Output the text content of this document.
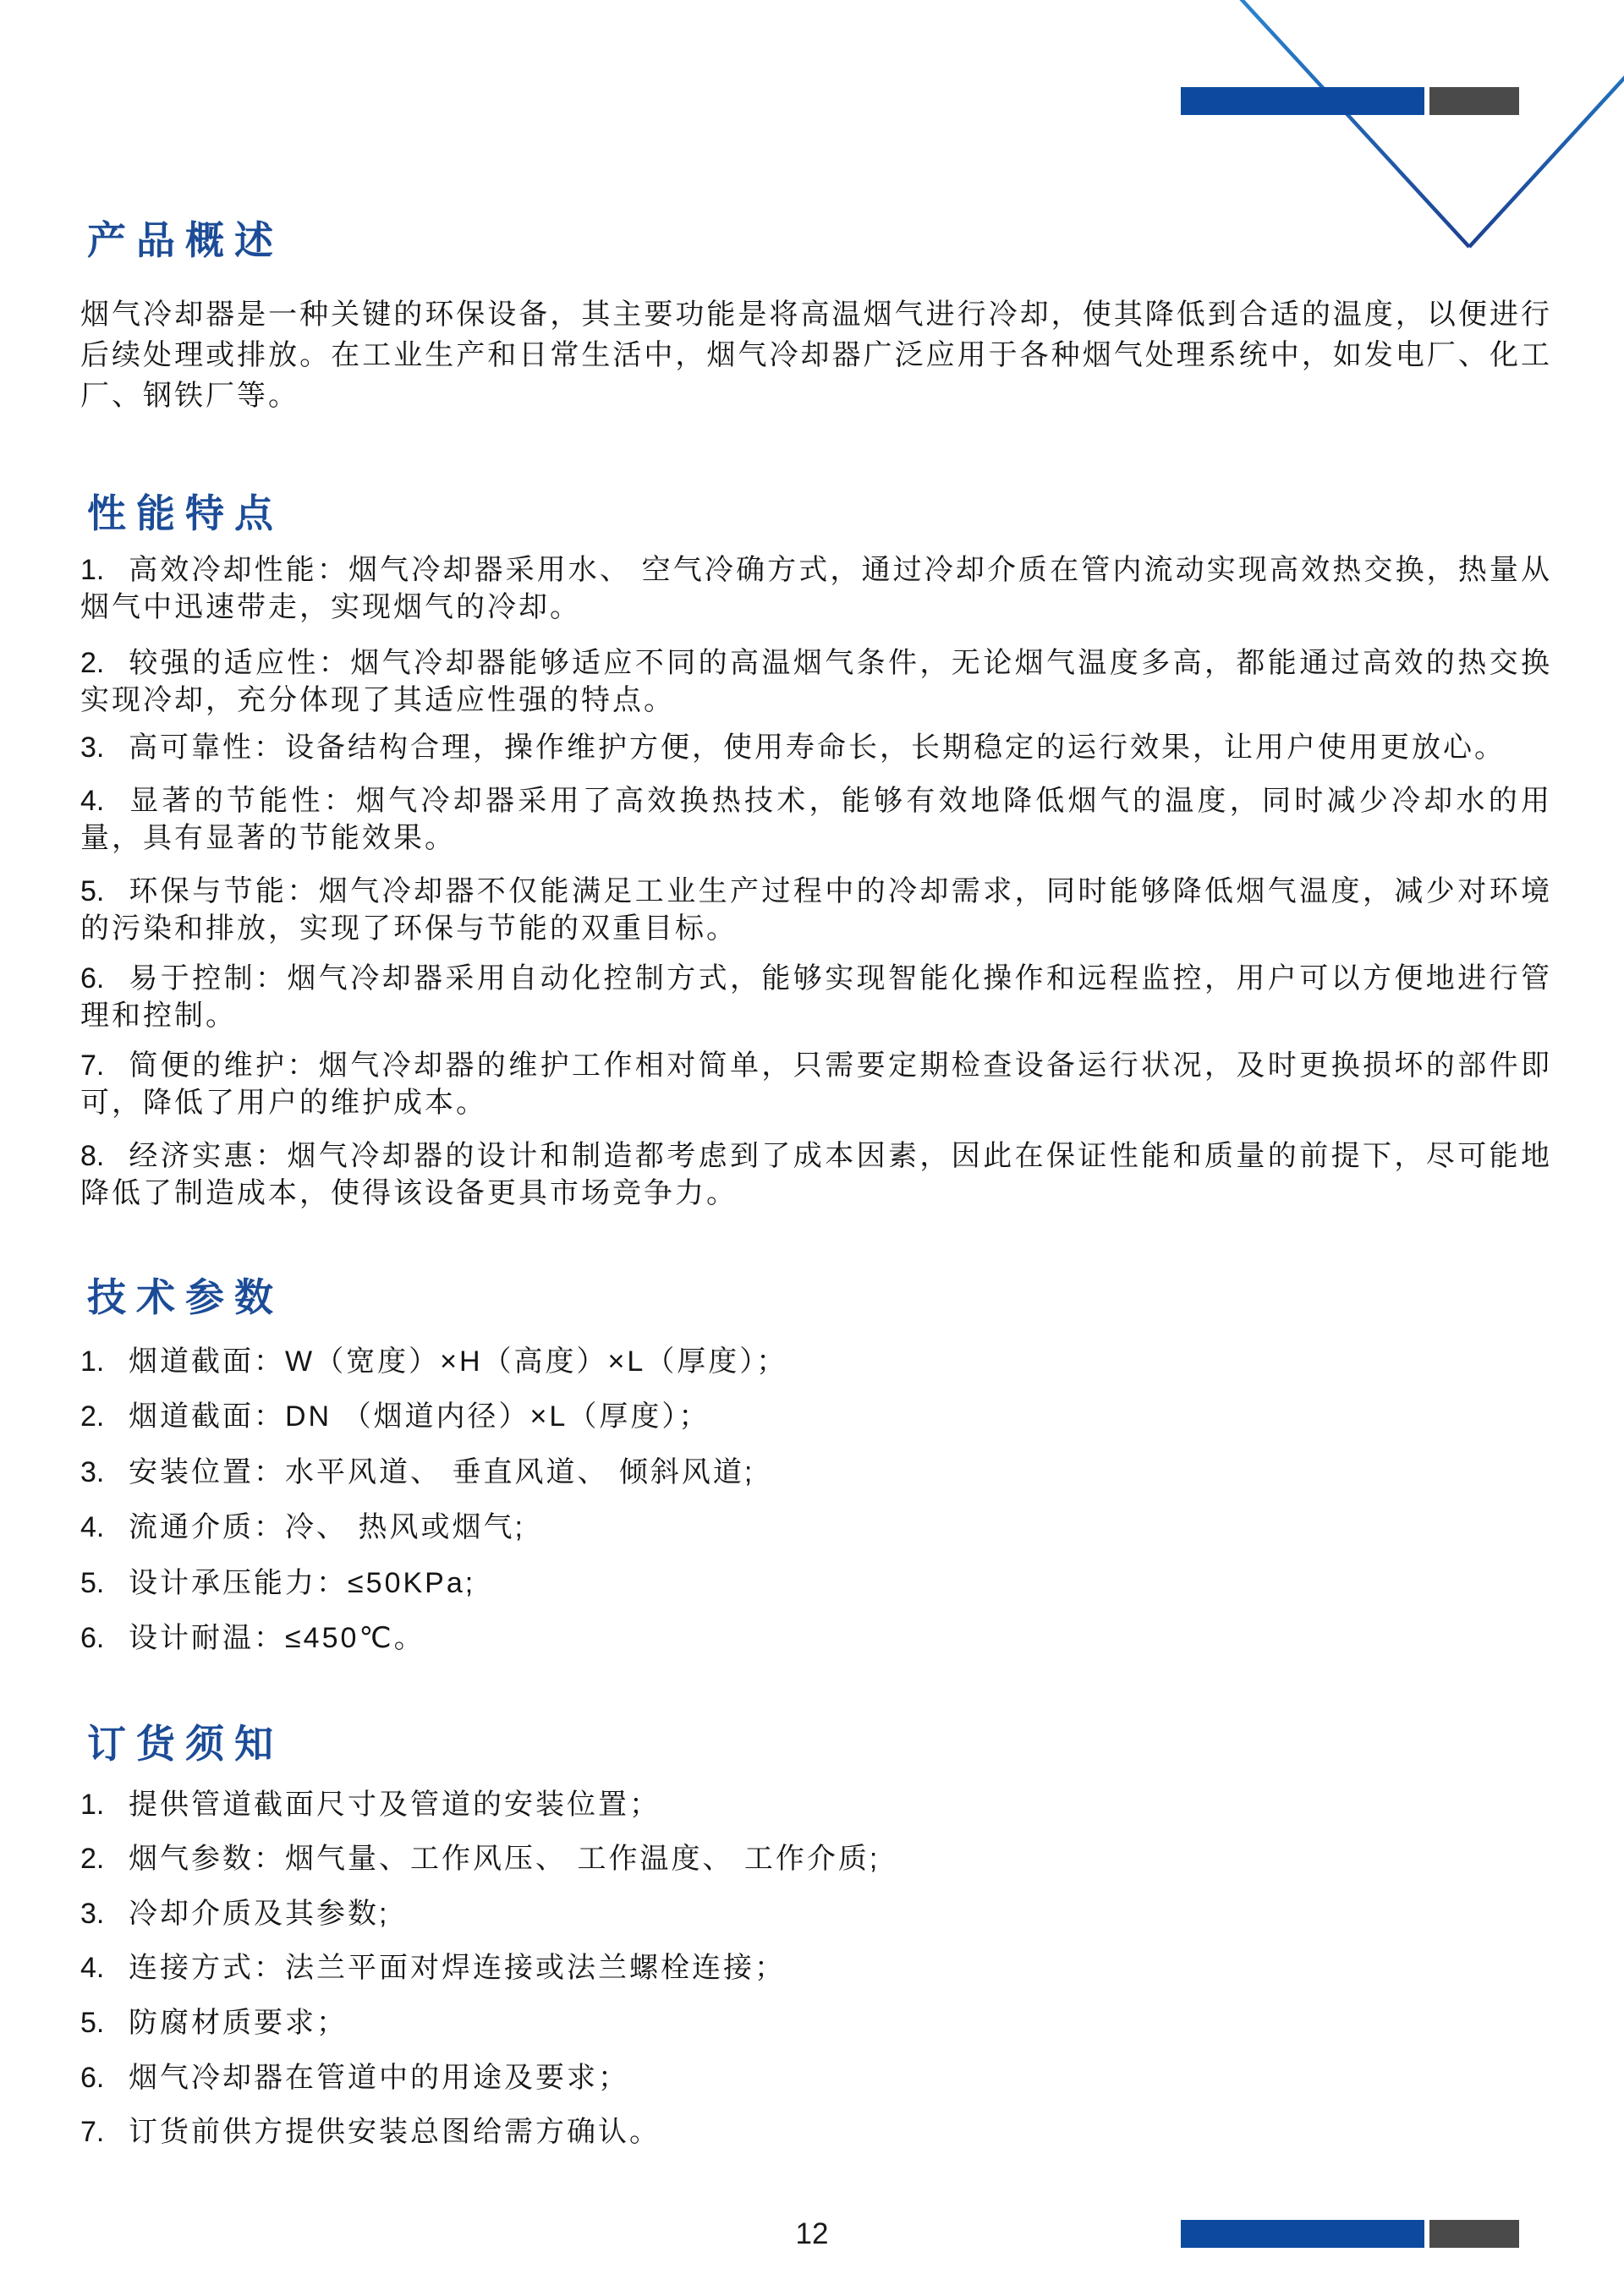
产品概述

烟气冷却器是一种关键的环保设备，其主要功能是将高温烟气进行冷却，使其降低到合适的温度，以便进行后续处理或排放。在工业生产和日常生活中，烟气冷却器广泛应用于各种烟气处理系统中，如发电厂、化工厂、钢铁厂等。

性能特点

1. 高效冷却性能：烟气冷却器采用水、 空气冷确方式，通过冷却介质在管内流动实现高效热交换，热量从烟气中迅速带走，实现烟气的冷却。

2. 较强的适应性：烟气冷却器能够适应不同的高温烟气条件，无论烟气温度多高，都能通过高效的热交换实现冷却，充分体现了其适应性强的特点。

3. 高可靠性：设备结构合理，操作维护方便，使用寿命长，长期稳定的运行效果，让用户使用更放心。

4. 显著的节能性：烟气冷却器采用了高效换热技术，能够有效地降低烟气的温度，同时减少冷却水的用量，具有显著的节能效果。

5. 环保与节能：烟气冷却器不仅能满足工业生产过程中的冷却需求，同时能够降低烟气温度，减少对环境的污染和排放，实现了环保与节能的双重目标。

6. 易于控制：烟气冷却器采用自动化控制方式，能够实现智能化操作和远程监控，用户可以方便地进行管理和控制。

7. 简便的维护：烟气冷却器的维护工作相对简单，只需要定期检查设备运行状况，及时更换损坏的部件即可，降低了用户的维护成本。

8. 经济实惠：烟气冷却器的设计和制造都考虑到了成本因素，因此在保证性能和质量的前提下，尽可能地降低了制造成本，使得该设备更具市场竞争力。

技术参数

1. 烟道截面：W（宽度）×H（高度）×L（厚度）；

2. 烟道截面：DN （烟道内径）×L（厚度）；

3. 安装位置：水平风道、 垂直风道、 倾斜风道;

4. 流通介质：冷、 热风或烟气;

5. 设计承压能力：≤50KPa;

6. 设计耐温：≤450℃。

订货须知

1. 提供管道截面尺寸及管道的安装位置；

2. 烟气参数：烟气量、工作风压、 工作温度、 工作介质;

3. 冷却介质及其参数;

4. 连接方式：法兰平面对焊连接或法兰螺栓连接；

5. 防腐材质要求；

6. 烟气冷却器在管道中的用途及要求；

7. 订货前供方提供安装总图给需方确认。

12
